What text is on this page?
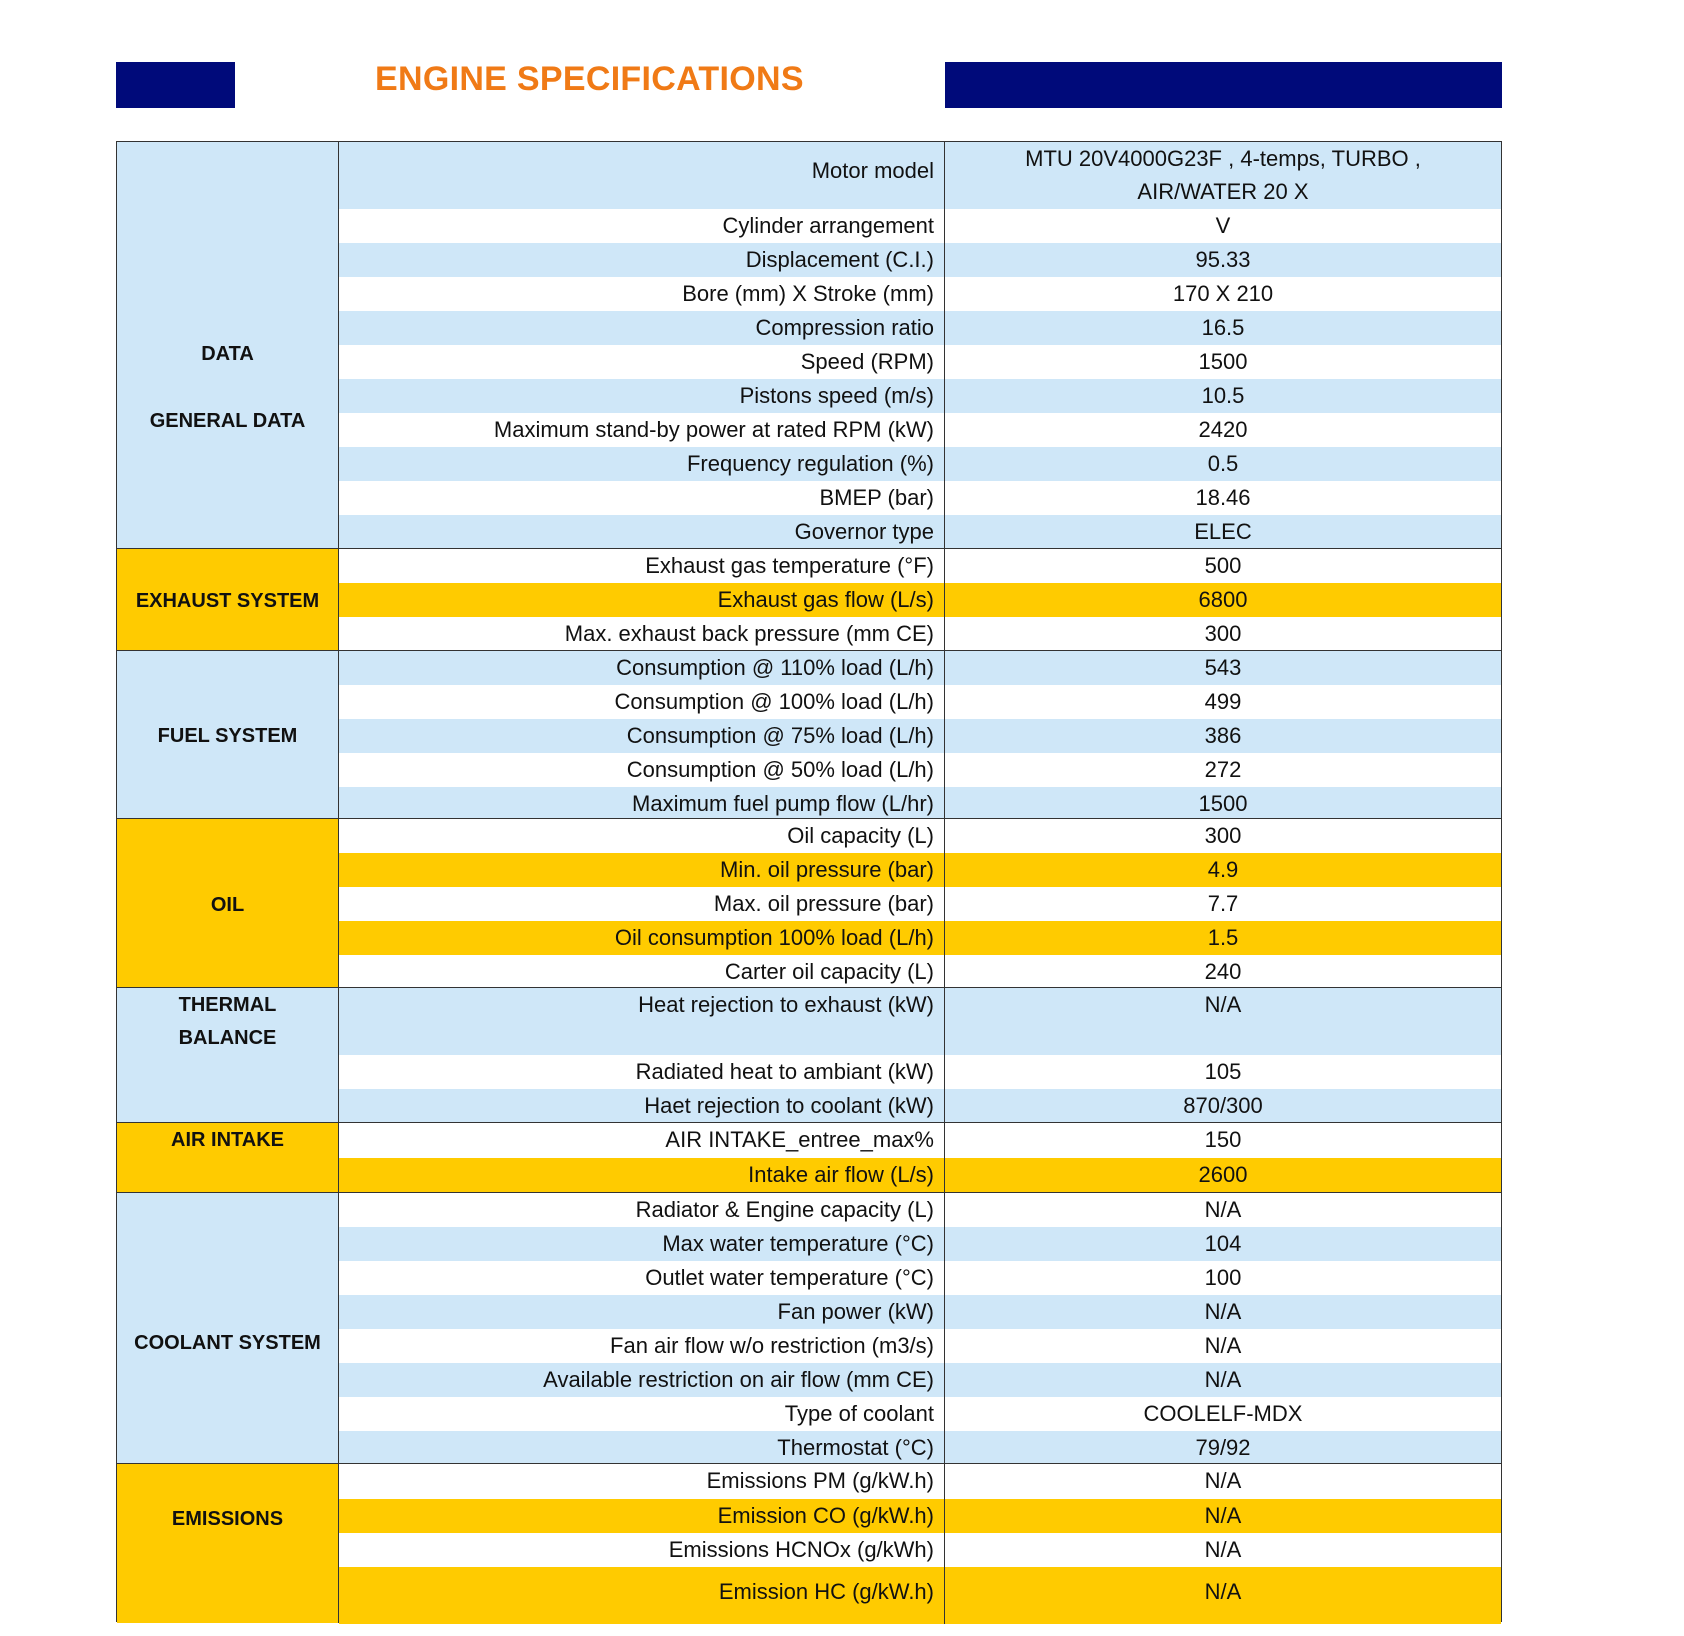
ENGINE SPECIFICATIONS
DATA
GENERAL DATA
Motor model	MTU 20V4000G23F , 4-temps, TURBO ,
AIR/WATER 20 X
Cylinder arrangement	V
Displacement (C.I.)	95.33
Bore (mm) X Stroke (mm)	170 X 210
Compression ratio	16.5
Speed (RPM)	1500
Pistons speed (m/s)	10.5
Maximum stand-by power at rated RPM (kW)	2420
Frequency regulation (%)	0.5
BMEP (bar)	18.46
Governor type	ELEC
EXHAUST SYSTEM
Exhaust gas temperature (°F)	500
Exhaust gas flow (L/s)	6800
Max. exhaust back pressure (mm CE)	300
FUEL SYSTEM
Consumption @ 110% load (L/h)	543
Consumption @ 100% load (L/h)	499
Consumption @ 75% load (L/h)	386
Consumption @ 50% load (L/h)	272
Maximum fuel pump flow (L/hr)	1500
OIL
Oil capacity (L)	300
Min. oil pressure (bar)	4.9
Max. oil pressure (bar)	7.7
Oil consumption 100% load (L/h)	1.5
Carter oil capacity (L)	240
THERMAL
BALANCE
Heat rejection to exhaust (kW)	N/A
Radiated heat to ambiant (kW)	105
Haet rejection to coolant (kW)	870/300
AIR INTAKE	AIR INTAKE_entree_max%	150
Intake air flow (L/s)	2600
COOLANT SYSTEM
Radiator & Engine capacity (L)	N/A
Max water temperature (°C)	104
Outlet water temperature (°C)	100
Fan power (kW)	N/A
Fan air flow w/o restriction (m3/s)	N/A
Available restriction on air flow (mm CE)	N/A
Type of coolant	COOLELF-MDX
Thermostat (°C)	79/92
EMISSIONS
Emissions PM (g/kW.h)	N/A
Emission CO (g/kW.h)	N/A
Emissions HCNOx (g/kWh)	N/A
Emission HC (g/kW.h)	N/A
